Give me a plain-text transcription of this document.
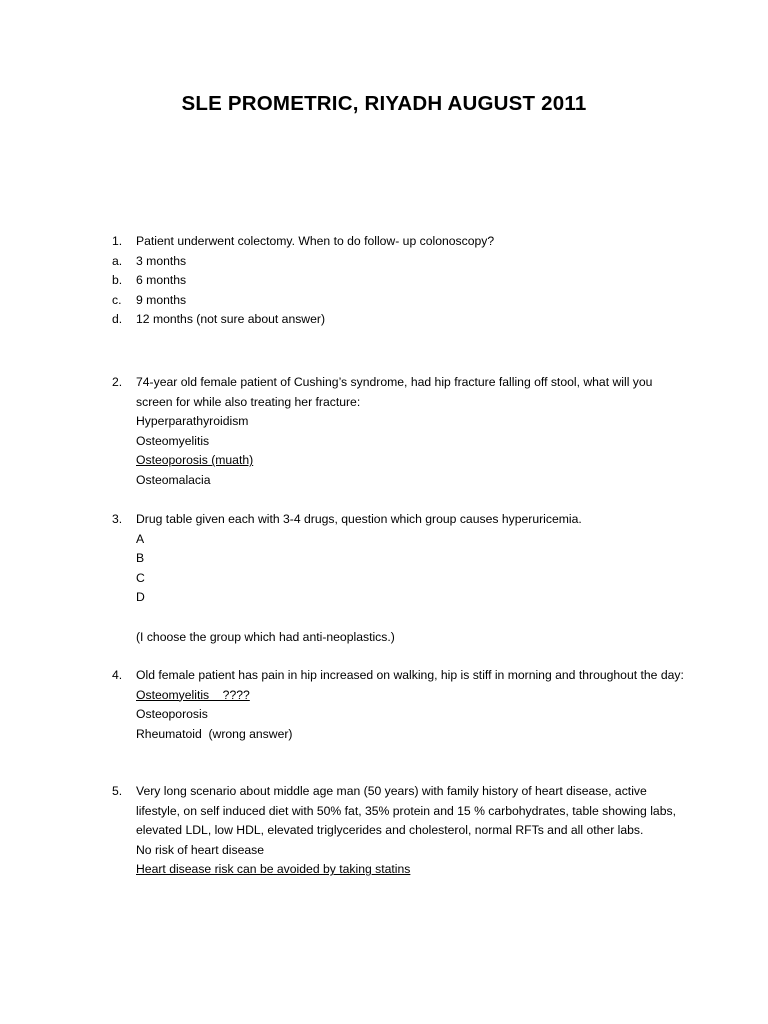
SLE PROMETRIC, RIYADH AUGUST 2011
1. Patient underwent colectomy. When to do follow- up colonoscopy?
a. 3 months
b. 6 months
c. 9 months
d. 12 months (not sure about answer)
2. 74-year old female patient of Cushing’s syndrome, had hip fracture falling off stool, what will you screen for while also treating her fracture:
Hyperparathyroidism
Osteomyelitis
Osteoporosis (muath)
Osteomalacia
3. Drug table given each with 3-4 drugs, question which group causes hyperuricemia.
A
B
C
D
(I choose the group which had anti-neoplastics.)
4. Old female patient has pain in hip increased on walking, hip is stiff in morning and throughout the day:
Osteomyelitis    ????
Osteoporosis
Rheumatoid  (wrong answer)
5. Very long scenario about middle age man (50 years) with family history of heart disease, active lifestyle, on self induced diet with 50% fat, 35% protein and 15 % carbohydrates, table showing labs, elevated LDL, low HDL, elevated triglycerides and cholesterol, normal RFTs and all other labs.
No risk of heart disease
Heart disease risk can be avoided by taking statins
